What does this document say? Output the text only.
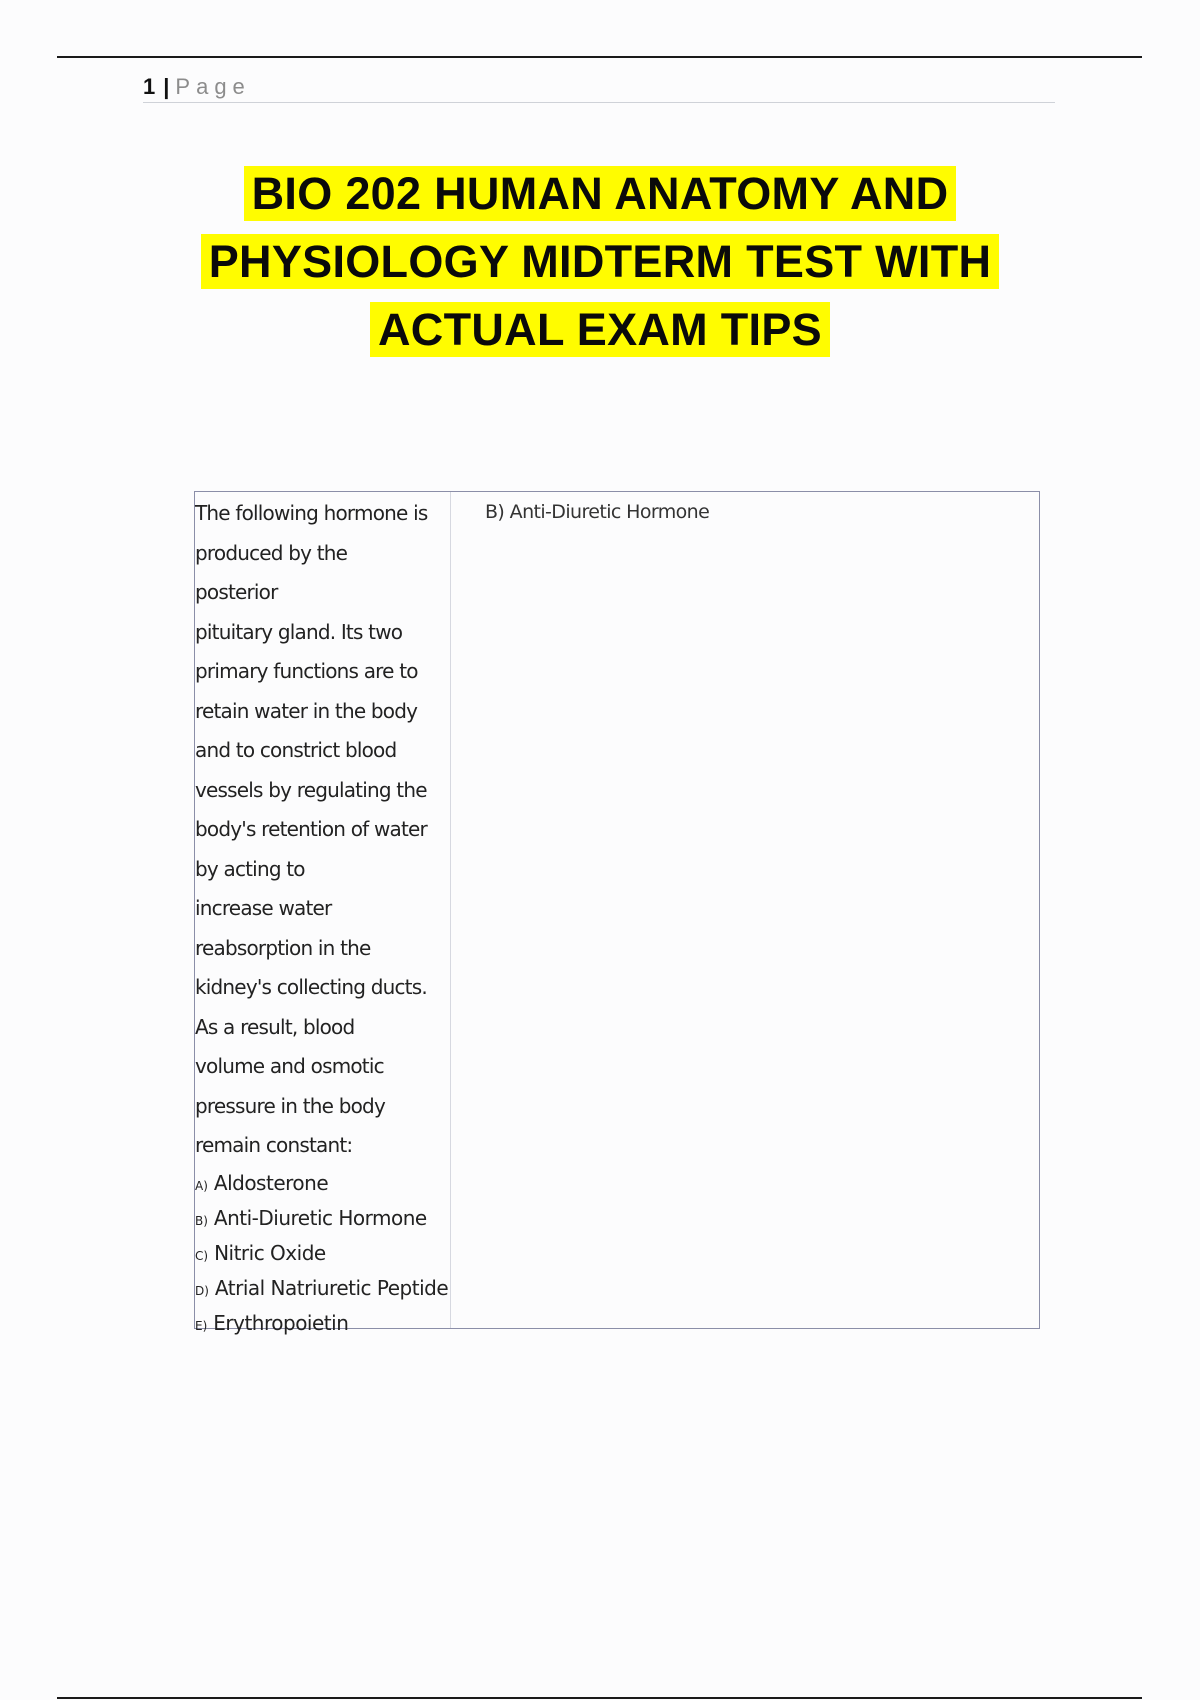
1 | Page
BIO 202 HUMAN ANATOMY AND
PHYSIOLOGY MIDTERM TEST WITH
ACTUAL EXAM TIPS
The following hormone is
produced by the
posterior
pituitary gland. Its two
primary functions are to
retain water in the body
and to constrict blood
vessels by regulating the
body's retention of water
by acting to
increase water
reabsorption in the
kidney's collecting ducts.
As a result, blood
volume and osmotic
pressure in the body
remain constant:
A) Aldosterone
B) Anti-Diuretic Hormone
C) Nitric Oxide
D) Atrial Natriuretic Peptide
E) Erythropoietin
B) Anti-Diuretic Hormone
